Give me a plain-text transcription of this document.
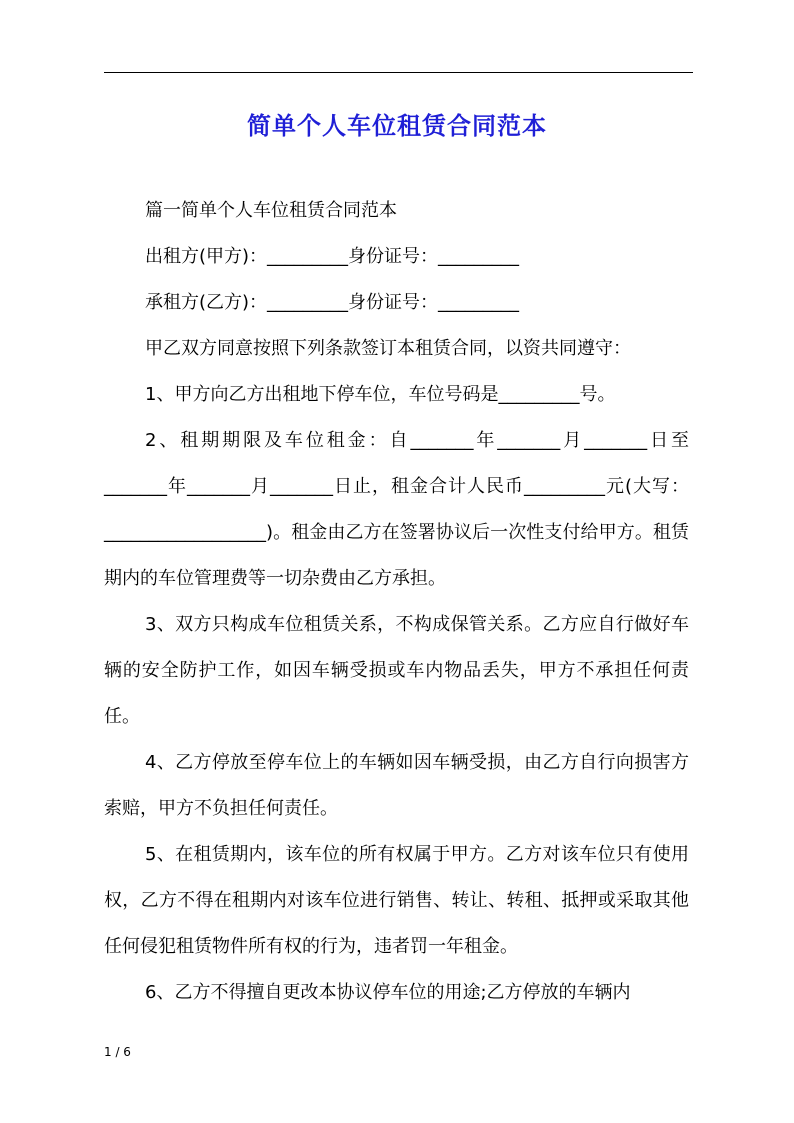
简单个人车位租赁合同范本

篇一简单个人车位租赁合同范本

出租方(甲方)：_________身份证号：_________

承租方(乙方)：_________身份证号：_________

甲乙双方同意按照下列条款签订本租赁合同，以资共同遵守：

1、甲方向乙方出租地下停车位，车位号码是_________号。

2、租期期限及车位租金：自_______年_______月_______日至_______年_______月_______日止，租金合计人民币_________元(大写：__________________)。租金由乙方在签署协议后一次性支付给甲方。租赁期内的车位管理费等一切杂费由乙方承担。

3、双方只构成车位租赁关系，不构成保管关系。乙方应自行做好车辆的安全防护工作，如因车辆受损或车内物品丢失，甲方不承担任何责任。

4、乙方停放至停车位上的车辆如因车辆受损，由乙方自行向损害方索赔，甲方不负担任何责任。

5、在租赁期内，该车位的所有权属于甲方。乙方对该车位只有使用权，乙方不得在租期内对该车位进行销售、转让、转租、抵押或采取其他任何侵犯租赁物件所有权的行为，违者罚一年租金。

6、乙方不得擅自更改本协议停车位的用途;乙方停放的车辆内

1 / 6
